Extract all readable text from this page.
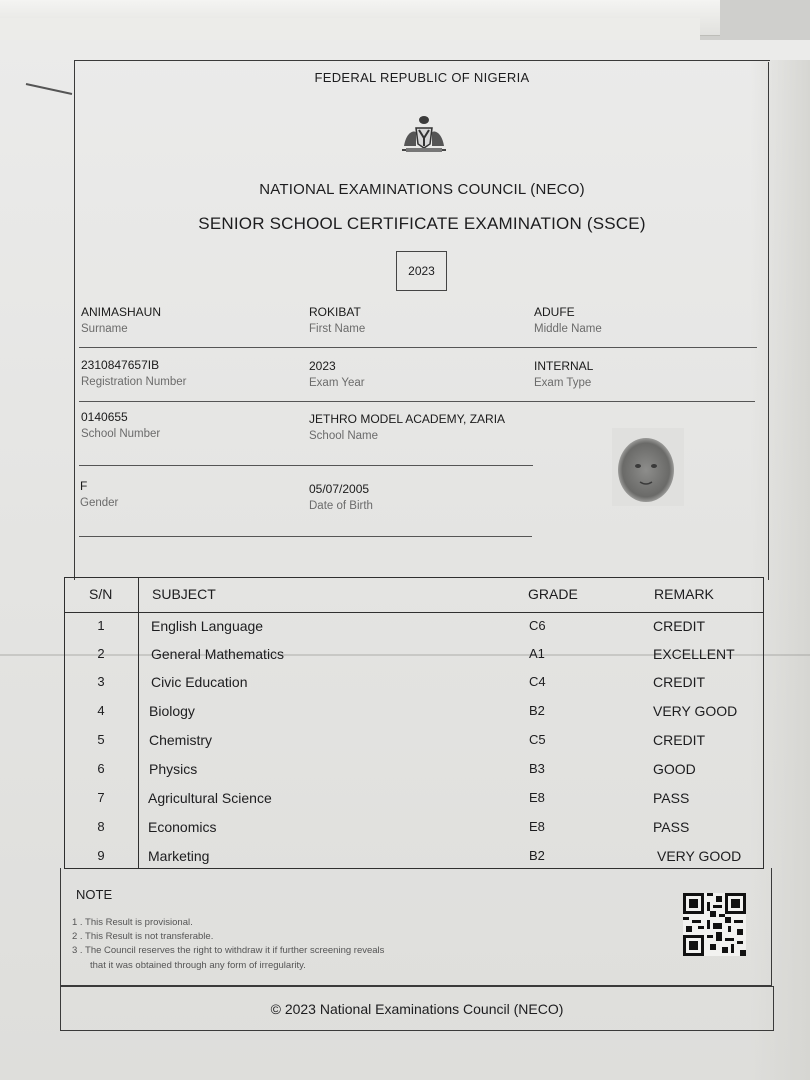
FEDERAL REPUBLIC OF NIGERIA
NATIONAL EXAMINATIONS COUNCIL (NECO)
SENIOR SCHOOL CERTIFICATE EXAMINATION (SSCE)
2023
ANIMASHAUN
Surname
ROKIBAT
First Name
ADUFE
Middle Name
2310847657IB
Registration Number
2023
Exam Year
INTERNAL
Exam Type
0140655
School Number
JETHRO MODEL ACADEMY, ZARIA
School Name
F
Gender
05/07/2005
Date of Birth
S/N	SUBJECT	GRADE	REMARK
1	English Language	C6	CREDIT
2	General Mathematics	A1	EXCELLENT
3	Civic Education	C4	CREDIT
4	Biology	B2	VERY GOOD
5	Chemistry	C5	CREDIT
6	Physics	B3	GOOD
7	Agricultural Science	E8	PASS
8	Economics	E8	PASS
9	Marketing	B2	VERY GOOD
NOTE
1 . This Result is provisional.
2 . This Result is not transferable.
3 . The Council reserves the right to withdraw it if further screening reveals
that it was obtained through any form of irregularity.
© 2023 National Examinations Council (NECO)
